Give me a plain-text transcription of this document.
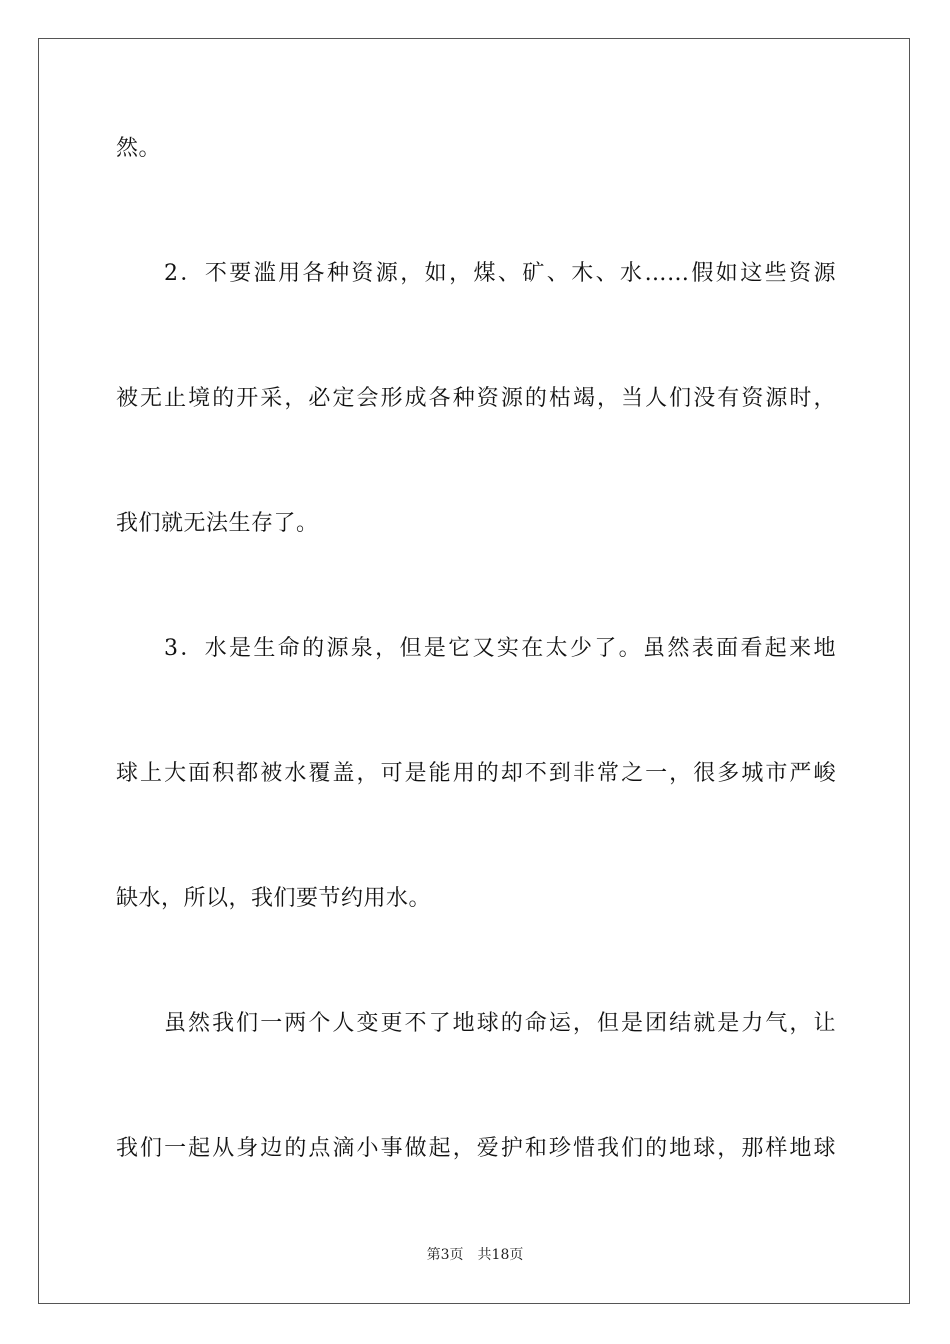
然。
2．不要滥用各种资源，如，煤、矿、木、水……假如这些资源
被无止境的开采，必定会形成各种资源的枯竭，当人们没有资源时，
我们就无法生存了。
3．水是生命的源泉，但是它又实在太少了。虽然表面看起来地
球上大面积都被水覆盖，可是能用的却不到非常之一，很多城市严峻
缺水，所以，我们要节约用水。
虽然我们一两个人变更不了地球的命运，但是团结就是力气，让
我们一起从身边的点滴小事做起，爱护和珍惜我们的地球，那样地球
第3页 共18页
